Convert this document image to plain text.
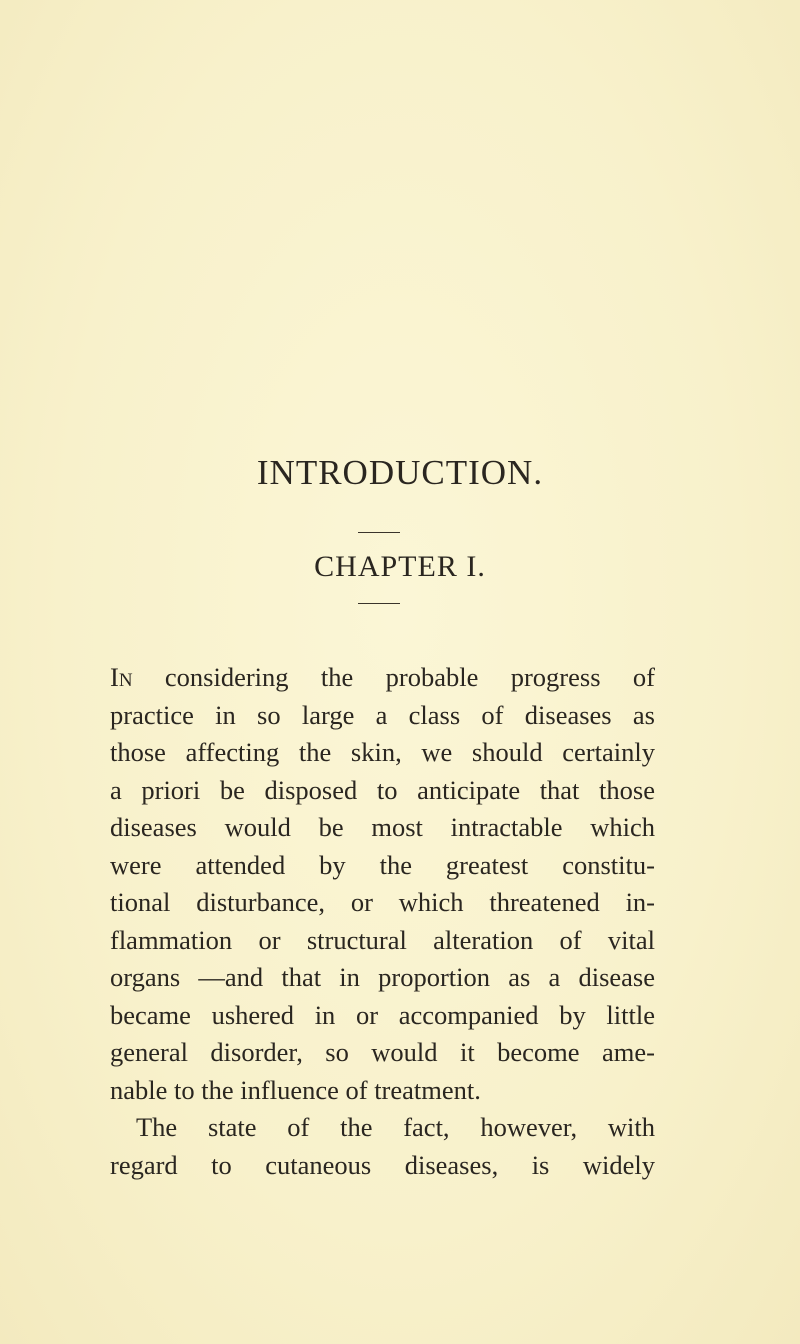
INTRODUCTION.
CHAPTER I.
In considering the probable progress of
practice in so large a class of diseases as
those affecting the skin, we should certainly
a priori be disposed to anticipate that those
diseases would be most intractable which
were attended by the greatest constitu-
tional disturbance, or which threatened in-
flammation or structural alteration of vital
organs —and that in proportion as a disease
became ushered in or accompanied by little
general disorder, so would it become ame-
nable
to
the
influence
of
treatment.
The state of the fact, however, with
regard to cutaneous diseases, is widely
